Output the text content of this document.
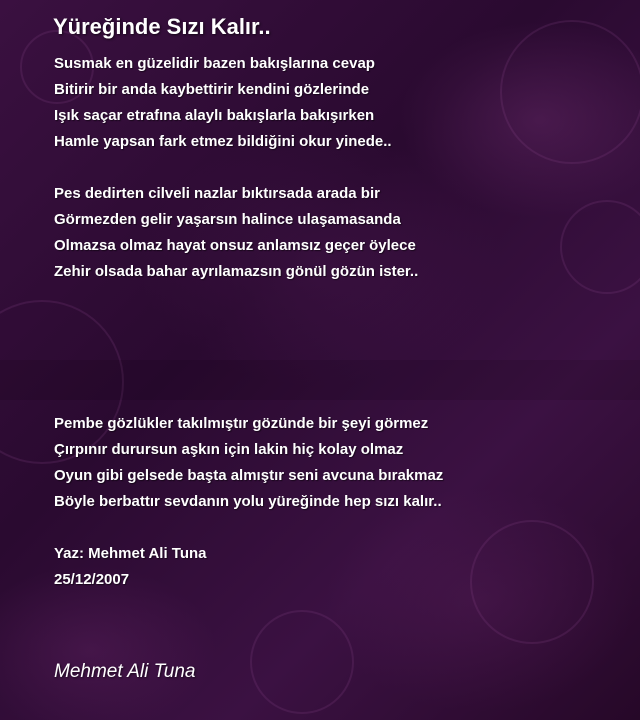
Yüreğinde Sızı Kalır..
Susmak en güzelidir bazen bakışlarına cevap
Bitirir bir anda kaybettirir kendini gözlerinde
Işık saçar etrafına alaylı bakışlarla bakışırken
Hamle yapsan fark etmez bildiğini okur yinede..
Pes dedirten cilveli nazlar bıktırsada arada bir
Görmezden gelir yaşarsın halince ulaşamasanda
Olmazsa olmaz hayat onsuz anlamsız geçer öylece
Zehir olsada bahar ayrılamazsın gönül gözün ister..
Pembe gözlükler takılmıştır gözünde bir şeyi görmez
Çırpınır durursun aşkın için lakin hiç kolay olmaz
Oyun gibi gelsede başta almıştır seni avcuna bırakmaz
Böyle berbattır sevdanın yolu yüreğinde hep sızı kalır..
Yaz: Mehmet Ali Tuna
25/12/2007

Mehmet Ali Tuna
